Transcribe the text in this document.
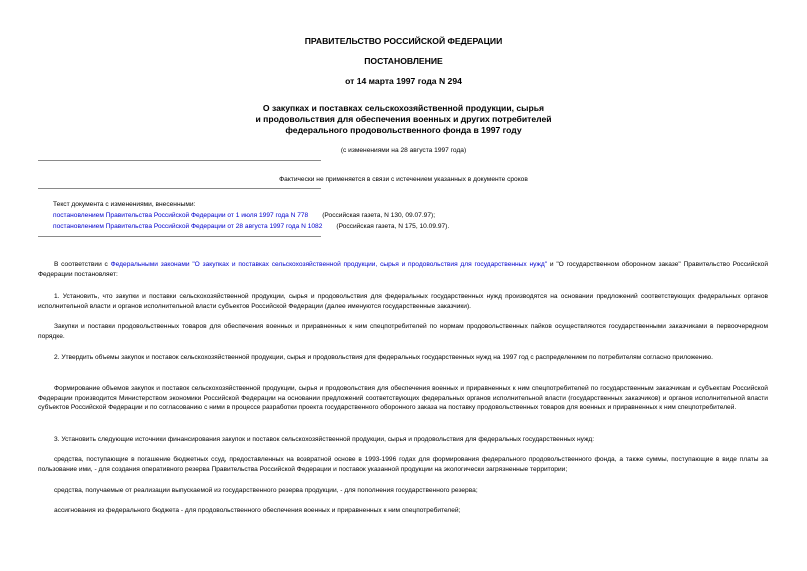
ПРАВИТЕЛЬСТВО РОССИЙСКОЙ ФЕДЕРАЦИИ
ПОСТАНОВЛЕНИЕ
от 14 марта 1997 года N 294
О закупках и поставках сельскохозяйственной продукции, сырья
и продовольствия для обеспечения военных и других потребителей
федерального продовольственного фонда в 1997 году
(с изменениями на 28 августа 1997 года)
Фактически не применяется в связи с истечением указанных в документе сроков
Текст документа с изменениями, внесенными:
постановлением Правительства Российской Федерации от 1 июля 1997 года N 778 (Российская газета, N 130, 09.07.97);
постановлением Правительства Российской Федерации от 28 августа 1997 года N 1082 (Российская газета, N 175, 10.09.97).
В соответствии с Федеральными законами "О закупках и поставках сельскохозяйственной продукции, сырья и продовольствия для государственных нужд" и "О государственном оборонном заказе" Правительство Российской Федерации постановляет:
1. Установить, что закупки и поставки сельскохозяйственной продукции, сырья и продовольствия для федеральных государственных нужд производятся на основании предложений соответствующих федеральных органов исполнительной власти и органов исполнительной власти субъектов Российской Федерации (далее именуются государственные заказчики).
Закупки и поставки продовольственных товаров для обеспечения военных и приравненных к ним спецпотребителей по нормам продовольственных пайков осуществляются государственными заказчиками в первоочередном порядке.
2. Утвердить объемы закупок и поставок сельскохозяйственной продукции, сырья и продовольствия для федеральных государственных нужд на 1997 год с распределением по потребителям согласно приложению.
Формирование объемов закупок и поставок сельскохозяйственной продукции, сырья и продовольствия для обеспечения военных и приравненных к ним спецпотребителей по государственным заказчикам и субъектам Российской Федерации производится Министерством экономики Российской Федерации на основании предложений соответствующих федеральных органов исполнительной власти (государственных заказчиков) и органов исполнительной власти субъектов Российской Федерации и по согласованию с ними в процессе разработки проекта государственного оборонного заказа на поставку продовольственных товаров для военных и приравненных к ним спецпотребителей.
3. Установить следующие источники финансирования закупок и поставок сельскохозяйственной продукции, сырья и продовольствия для федеральных государственных нужд:
средства, поступающие в погашение бюджетных ссуд, предоставленных на возвратной основе в 1993-1996 годах для формирования федерального продовольственного фонда, а также суммы, поступающие в виде платы за пользование ими, - для создания оперативного резерва Правительства Российской Федерации и поставок указанной продукции на экологически загрязненные территории;
средства, получаемые от реализации выпускаемой из государственного резерва продукции, - для пополнения государственного резерва;
ассигнования из федерального бюджета - для продовольственного обеспечения военных и приравненных к ним спецпотребителей;
